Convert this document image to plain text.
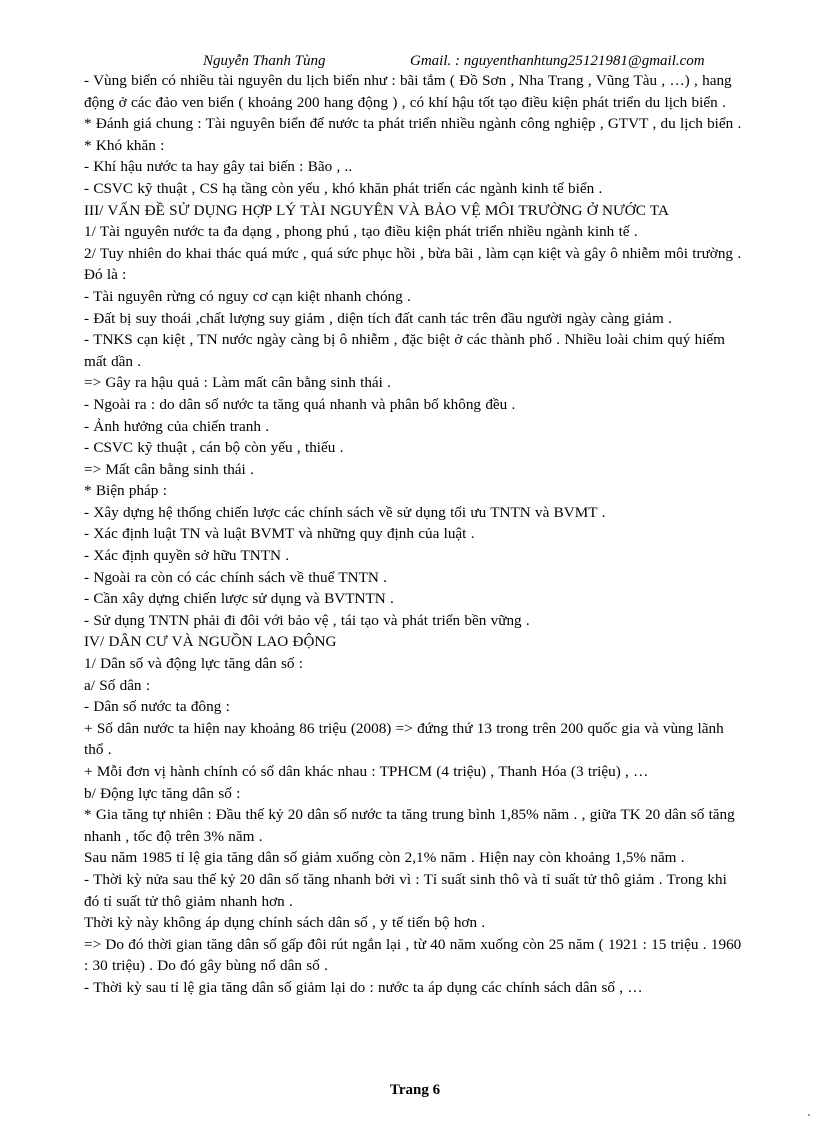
Nguyễn Thanh Tùng	Gmail. : nguyenthanhtung25121981@gmail.com

- Vùng biển có nhiều tài nguyên du lịch biển như : bãi tắm ( Đồ Sơn , Nha Trang , Vũng Tàu , …) , hang động ở các đảo ven biển ( khoảng 200 hang động ) , có khí hậu tốt tạo điều kiện phát triển du lịch biển .

* Đánh giá chung : Tài nguyên biển để nước ta phát triển nhiều ngành công nghiệp , GTVT , du lịch biển .

* Khó khăn :

- Khí hậu nước ta hay gây tai biến : Bão , ..

- CSVC kỹ thuật , CS hạ tầng còn yếu , khó khăn phát triển các ngành kinh tế biển .

III/ VẤN ĐỀ SỬ DỤNG HỢP LÝ TÀI NGUYÊN VÀ BẢO VỆ MÔI TRƯỜNG Ở NƯỚC TA

1/ Tài nguyên nước ta đa dạng , phong phú , tạo điều kiện phát triển nhiều ngành kinh tế .

2/ Tuy nhiên do khai thác quá mức , quá sức phục hồi , bừa bãi , làm cạn kiệt và gây ô nhiễm môi trường . Đó là :

- Tài nguyên rừng có nguy cơ cạn kiệt nhanh chóng .

- Đất bị suy thoái ,chất lượng suy giảm , diện tích đất canh tác trên đầu người ngày càng giảm .

- TNKS cạn kiệt , TN nước ngày càng bị ô nhiễm , đặc biệt ở các thành phố . Nhiều loài chim quý hiếm mất dần .

=> Gây ra hậu quả : Làm mất cân bằng sinh thái .

- Ngoài ra : do dân số nước ta tăng quá nhanh và phân bố không đều .

- Ảnh hưởng của chiến tranh .

- CSVC kỹ thuật , cán bộ còn yếu , thiếu .

=> Mất cân bằng sinh thái .

* Biện pháp :

- Xây dựng hệ thống chiến lược các chính sách về sử dụng tối ưu TNTN và BVMT .

- Xác định luật TN và luật BVMT và những quy định của luật .

- Xác định quyền sở hữu TNTN .

- Ngoài ra còn có các chính sách về thuế TNTN .

- Cần xây dựng chiến lược sử dụng và BVTNTN .

- Sử dụng TNTN phải đi đôi với bảo vệ , tái tạo và phát triển bền vững .

IV/ DÂN CƯ VÀ NGUỒN LAO ĐỘNG

1/ Dân số và động lực tăng dân số :

a/ Số dân :

- Dân số nước ta đông :

+ Số dân nước ta hiện nay khoảng 86 triệu (2008) => đứng thứ 13 trong trên 200 quốc gia và vùng lãnh thổ .

+ Mỗi đơn vị hành chính có số dân khác nhau : TPHCM (4 triệu) , Thanh Hóa (3 triệu) , …

b/ Động lực tăng dân số :

* Gia tăng tự nhiên : Đầu thế kỷ 20 dân số nước ta tăng trung bình 1,85% năm . , giữa TK 20 dân số tăng nhanh , tốc độ trên 3% năm .

Sau năm 1985 tỉ lệ gia tăng dân số giảm xuống còn 2,1% năm . Hiện nay còn khoảng 1,5% năm .

- Thời kỳ nửa sau thế kỷ 20 dân số tăng nhanh bởi vì : Tỉ suất sinh thô và tỉ suất tử thô giảm . Trong khi đó tỉ suất tử thô giảm nhanh hơn .

Thời kỳ này không áp dụng chính sách dân số , y tế tiến bộ hơn .

=> Do đó thời gian tăng dân số gấp đôi rút ngắn lại , từ 40 năm xuống còn 25 năm ( 1921 : 15 triệu . 1960 : 30 triệu) . Do đó gây bùng nổ dân số .

- Thời kỳ sau tỉ lệ gia tăng dân số giảm lại do : nước ta áp dụng các chính sách dân số , …

Trang 6
